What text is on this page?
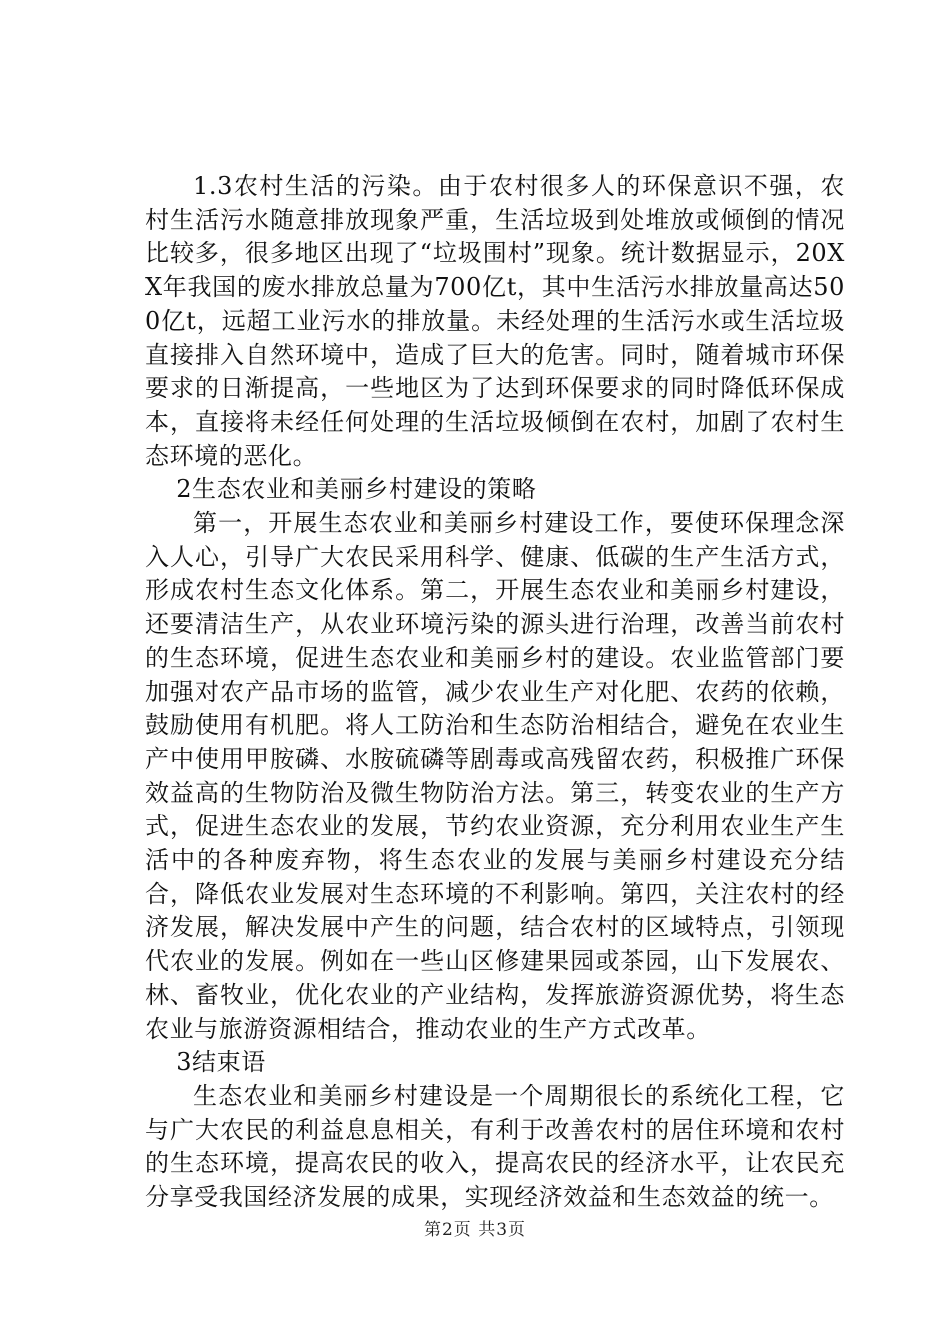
1.3农村生活的污染。由于农村很多人的环保意识不强，农村生活污水随意排放现象严重，生活垃圾到处堆放或倾倒的情况比较多，很多地区出现了“垃圾围村”现象。统计数据显示，20XX年我国的废水排放总量为700亿t，其中生活污水排放量高达500亿t，远超工业污水的排放量。未经处理的生活污水或生活垃圾直接排入自然环境中，造成了巨大的危害。同时，随着城市环保要求的日渐提高，一些地区为了达到环保要求的同时降低环保成本，直接将未经任何处理的生活垃圾倾倒在农村，加剧了农村生态环境的恶化。

2生态农业和美丽乡村建设的策略

第一，开展生态农业和美丽乡村建设工作，要使环保理念深入人心，引导广大农民采用科学、健康、低碳的生产生活方式，形成农村生态文化体系。第二，开展生态农业和美丽乡村建设，还要清洁生产，从农业环境污染的源头进行治理，改善当前农村的生态环境，促进生态农业和美丽乡村的建设。农业监管部门要加强对农产品市场的监管，减少农业生产对化肥、农药的依赖，鼓励使用有机肥。将人工防治和生态防治相结合，避免在农业生产中使用甲胺磷、水胺硫磷等剧毒或高残留农药，积极推广环保效益高的生物防治及微生物防治方法。第三，转变农业的生产方式，促进生态农业的发展，节约农业资源，充分利用农业生产生活中的各种废弃物，将生态农业的发展与美丽乡村建设充分结合，降低农业发展对生态环境的不利影响。第四，关注农村的经济发展，解决发展中产生的问题，结合农村的区域特点，引领现代农业的发展。例如在一些山区修建果园或茶园，山下发展农、林、畜牧业，优化农业的产业结构，发挥旅游资源优势，将生态农业与旅游资源相结合，推动农业的生产方式改革。

3结束语

生态农业和美丽乡村建设是一个周期很长的系统化工程，它与广大农民的利益息息相关，有利于改善农村的居住环境和农村的生态环境，提高农民的收入，提高农民的经济水平，让农民充分享受我国经济发展的成果，实现经济效益和生态效益的统一。

第2页 共3页
